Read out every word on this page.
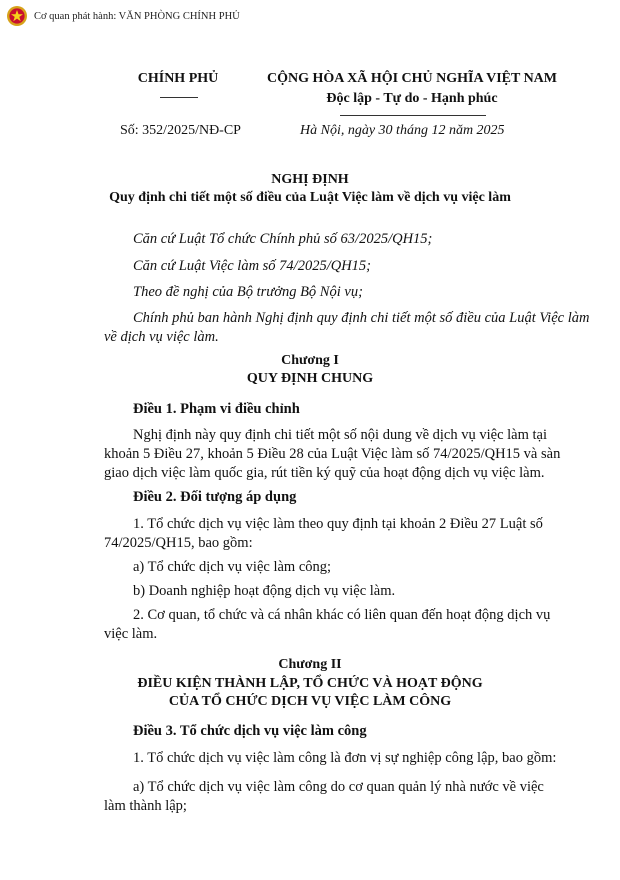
Cơ quan phát hành: VĂN PHÒNG CHÍNH PHỦ
CHÍNH PHỦ	CỘNG HÒA XÃ HỘI CHỦ NGHĨA VIỆT NAM
Độc lập - Tự do - Hạnh phúc
Số: 352/2025/NĐ-CP	Hà Nội, ngày 30 tháng 12 năm 2025
NGHỊ ĐỊNH
Quy định chi tiết một số điều của Luật Việc làm về dịch vụ việc làm
Căn cứ Luật Tổ chức Chính phủ số 63/2025/QH15;
Căn cứ Luật Việc làm số 74/2025/QH15;
Theo đề nghị của Bộ trưởng Bộ Nội vụ;
Chính phủ ban hành Nghị định quy định chi tiết một số điều của Luật Việc làm
về dịch vụ việc làm.
Chương I
QUY ĐỊNH CHUNG
Điều 1. Phạm vi điều chỉnh
Nghị định này quy định chi tiết một số nội dung về dịch vụ việc làm tại
khoản 5 Điều 27, khoản 5 Điều 28 của Luật Việc làm số 74/2025/QH15 và sàn
giao dịch việc làm quốc gia, rút tiền ký quỹ của hoạt động dịch vụ việc làm.
Điều 2. Đối tượng áp dụng
1. Tổ chức dịch vụ việc làm theo quy định tại khoản 2 Điều 27 Luật số
74/2025/QH15, bao gồm:
a) Tổ chức dịch vụ việc làm công;
b) Doanh nghiệp hoạt động dịch vụ việc làm.
2. Cơ quan, tổ chức và cá nhân khác có liên quan đến hoạt động dịch vụ
việc làm.
Chương II
ĐIỀU KIỆN THÀNH LẬP, TỔ CHỨC VÀ HOẠT ĐỘNG
CỦA TỔ CHỨC DỊCH VỤ VIỆC LÀM CÔNG
Điều 3. Tổ chức dịch vụ việc làm công
1. Tổ chức dịch vụ việc làm công là đơn vị sự nghiệp công lập, bao gồm:
a) Tổ chức dịch vụ việc làm công do cơ quan quản lý nhà nước về việc
làm thành lập;
